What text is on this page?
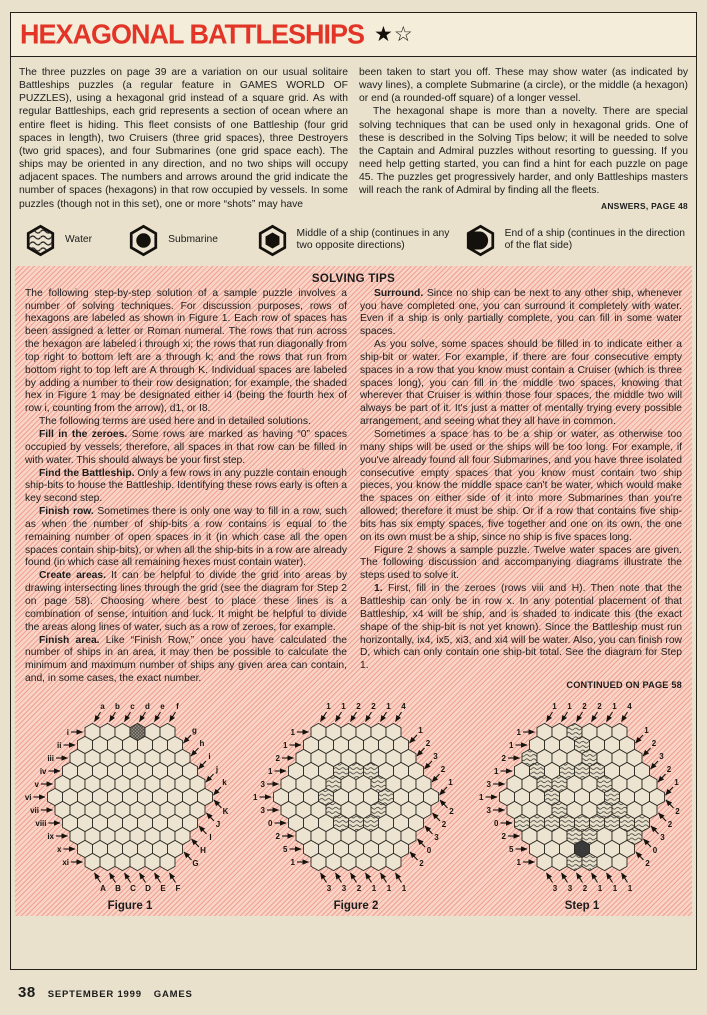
HEXAGONAL BATTLESHIPS ★☆

The three puzzles on page 39 are a variation on our usual solitaire Battleships puzzles (a regular feature in GAMES WORLD OF PUZZLES), using a hexagonal grid instead of a square grid. As with regular Battleships, each grid represents a section of ocean where an entire fleet is hiding. This fleet consists of one Battleship (four grid spaces in length), two Cruisers (three grid spaces), three Destroyers (two grid spaces), and four Submarines (one grid space each). The ships may be oriented in any direction, and no two ships will occupy adjacent spaces. The numbers and arrows around the grid indicate the number of spaces (hexagons) in that row occupied by vessels. In some puzzles (though not in this set), one or more “shots” may have

been taken to start you off. These may show water (as indicated by wavy lines), a complete Submarine (a circle), or the middle (a hexagon) or end (a rounded-off square) of a longer vessel.

The hexagonal shape is more than a novelty. There are special solving techniques that can be used only in hexagonal grids. One of these is described in the Solving Tips below; it will be needed to solve the Captain and Admiral puzzles without resorting to guessing. If you need help getting started, you can find a hint for each puzzle on page 45. The puzzles get progressively harder, and only Battleships masters will reach the rank of Admiral by finding all the fleets.
ANSWERS, PAGE 48

Water	Submarine
Middle of a ship (continues in any two opposite directions)
End of a ship (continues in the direction of the flat side)
SOLVING TIPS

The following step-by-step solution of a sample puzzle involves a number of solving techniques. For discussion purposes, rows of hexagons are labeled as shown in Figure 1. Each row of spaces has been assigned a letter or Roman numeral. The rows that run across the hexagon are labeled i through xi; the rows that run diagonally from top right to bottom left are a through k; and the rows that run from bottom right to top left are A through K. Individual spaces are labeled by adding a number to their row designation; for example, the shaded hex in Figure 1 may be designated either i4 (being the fourth hex of row i, counting from the arrow), d1, or I8.

The following terms are used here and in detailed solutions.

Fill in the zeroes. Some rows are marked as having “0” spaces occupied by vessels; therefore, all spaces in that row can be filled in with water. This should always be your first step.

Find the Battleship. Only a few rows in any puzzle contain enough ship-bits to house the Battleship. Identifying these rows early is often a key second step.

Finish row. Sometimes there is only one way to fill in a row, such as when the number of ship-bits a row contains is equal to the remaining number of open spaces in it (in which case all the open spaces contain ship-bits), or when all the ship-bits in a row are already found (in which case all remaining hexes must contain water).

Create areas. It can be helpful to divide the grid into areas by drawing intersecting lines through the grid (see the diagram for Step 2 on page 58). Choosing where best to place these lines is a combination of sense, intuition and luck. It might be helpful to divide the areas along lines of water, such as a row of zeroes, for example.

Finish area. Like “Finish Row,” once you have calculated the number of ships in an area, it may then be possible to calculate the minimum and maximum number of ships any given area can contain, and, in some cases, the exact number.

Surround. Since no ship can be next to any other ship, whenever you have completed one, you can surround it completely with water. Even if a ship is only partially complete, you can fill in some water spaces.

As you solve, some spaces should be filled in to indicate either a ship-bit or water. For example, if there are four consecutive empty spaces in a row that you know must contain a Cruiser (which is three spaces long), you can fill in the middle two spaces, knowing that wherever that Cruiser is within those four spaces, the middle two will always be part of it. It's just a matter of mentally trying every possible arrangement, and seeing what they all have in common.

Sometimes a space has to be a ship or water, as otherwise too many ships will be used or the ships will be too long. For example, if you've already found all four Submarines, and you have three isolated consecutive empty spaces that you know must contain two ship pieces, you know the middle space can't be water, which would make the spaces on either side of it into more Submarines than you're allowed; therefore it must be ship. Or if a row that contains five ship-bits has six empty spaces, five together and one on its own, the one on its own must be a ship, since no ship is five spaces long.

Figure 2 shows a sample puzzle. Twelve water spaces are given. The following discussion and accompanying diagrams illustrate the steps used to solve it.

1. First, fill in the zeroes (rows viii and H). Then note that the Battleship can only be in row x. In any potential placement of that Battleship, x4 will be ship, and is shaded to indicate this (the exact shape of the ship-bit is not yet known). Since the Battleship must run horizontally, ix4, ix5, xi3, and xi4 will be water. Also, you can finish row D, which can only contain one ship-bit total. See the diagram for Step 1.

CONTINUED ON PAGE 58
i
ii
iii
iv
v
vi
vii
viii
ix
x
xi
a b c d e f
g
h
i
j
k
K
J
I
H
G
A B C D E F
Figure 1
1
1
2
1
3
1
3
0
2
5
1
1 1 2 2 1 4
1
2
3
2
1
2
2
3
0
2
3 3 2 1 1 1
Figure 2
1
1
2
1
3
1
3
0
2
5
1
1 1 2 2 1 4
1
2
3
2
1
2
2
3
0
2
3 3 2 1 1 1
Step 1
38 SEPTEMBER 1999 GAMES
